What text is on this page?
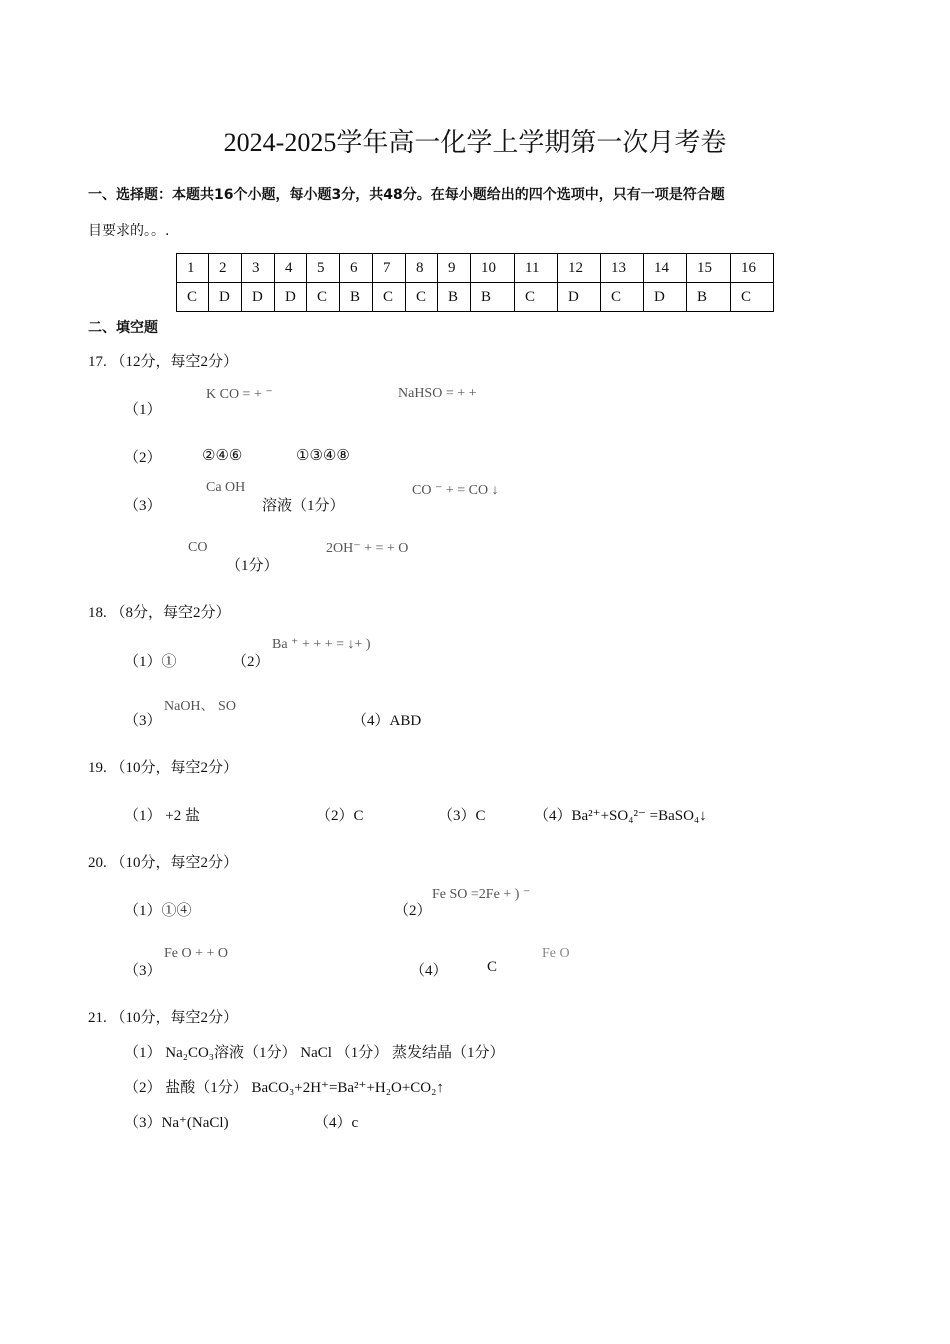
2024-2025学年高一化学上学期第一次月考卷
一、选择题：本题共16个小题，每小题3分，共48分。在每小题给出的四个选项中，只有一项是符合题
目要求的。。.
1	2	3	4	5	6	7	8	9	10	11	12	13	14	15	16
C	D	D	D	C	B	C	C	B	B	C	D	C	D	B	C
二、填空题
17. （12分，每空2分）
（1）
K CO = + ⁻	NaHSO = + +
（2）	②④⑥	①③④⑧
（3）
Ca OH
溶液（1分）
CO ⁻ + = CO ↓
CO
（1分）
2OH⁻ + = + O
18. （8分，每空2分）
（1）①	（2）
Ba ⁺ + + + = ↓+ )
（3）
NaOH、 SO
（4）ABD
19. （10分，每空2分）
（1） +2 盐	（2）C	（3）C	（4）Ba²⁺+SO₄²⁻ =BaSO₄↓
20. （10分，每空2分）
（1）①④	（2）
Fe SO =2Fe + ) ⁻
（3）
Fe O + + O
（4）	C
Fe O
21. （10分，每空2分）
（1） Na₂CO₃溶液（1分） NaCl （1分） 蒸发结晶（1分）
（2） 盐酸（1分） BaCO₃+2H⁺=Ba²⁺+H₂O+CO₂↑
（3）Na⁺(NaCl)	（4）c
